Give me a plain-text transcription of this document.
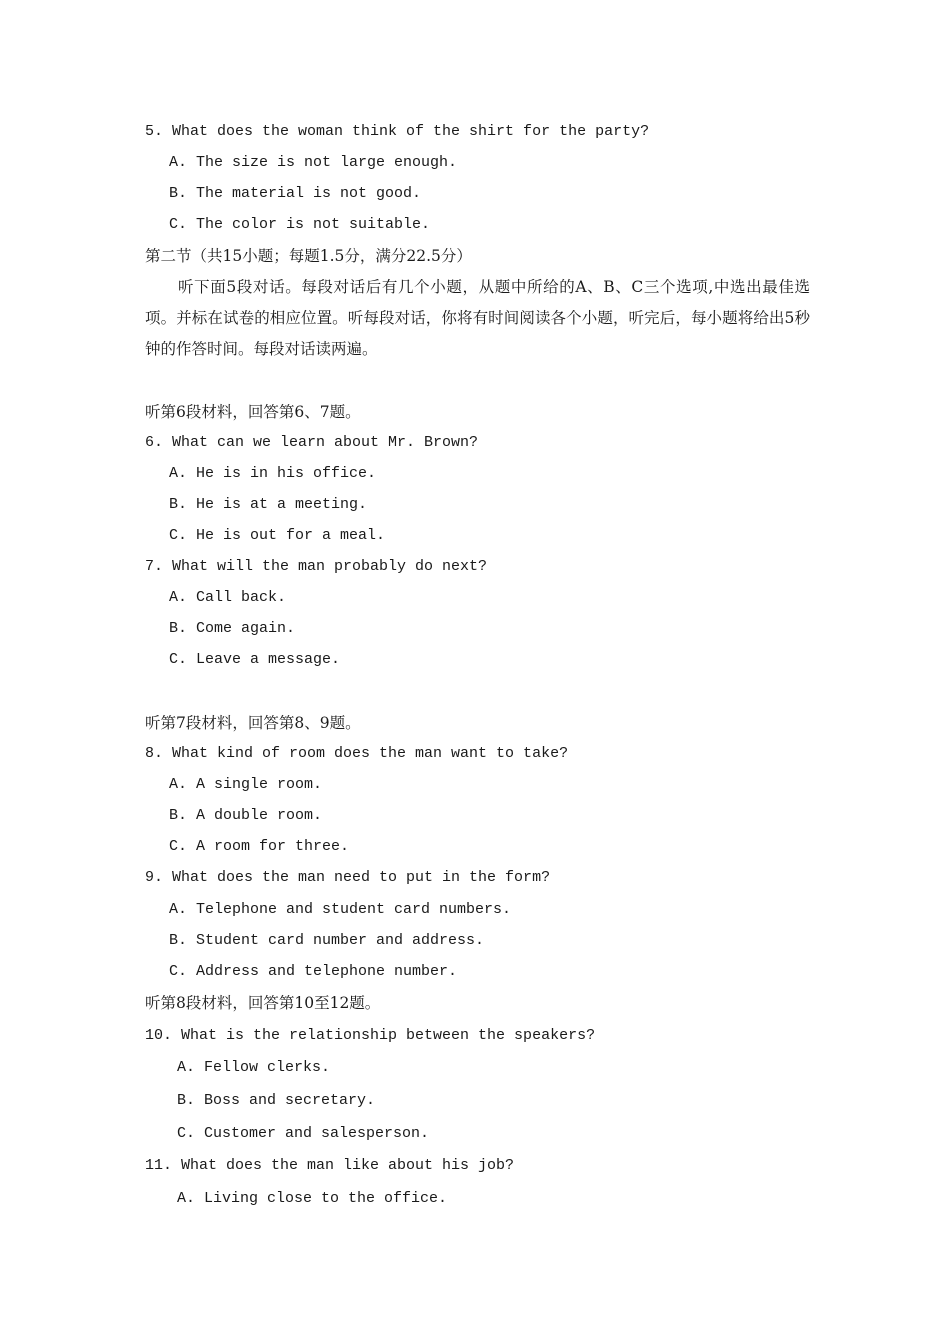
5. What does the woman think of the shirt for the party?
A. The size is not large enough.
B. The material is not good.
C. The color is not suitable.
第二节（共15小题；每题1.5分，满分22.5分）
听下面5段对话。每段对话后有几个小题，从题中所给的A、B、C三个选项,中选出最佳选项。并标在试卷的相应位置。听每段对话，你将有时间阅读各个小题，听完后，每小题将给出5秒钟的作答时间。每段对话读两遍。
听第6段材料，回答第6、7题。
6. What can we learn about Mr. Brown?
A. He is in his office.
B. He is at a meeting.
C. He is out for a meal.
7. What will the man probably do next?
A. Call back.
B. Come again.
C. Leave a message.
听第7段材料，回答第8、9题。
8. What kind of room does the man want to take?
A. A single room.
B. A double room.
C. A room for three.
9. What does the man need to put in the form?
A. Telephone and student card numbers.
B. Student card number and address.
C. Address and telephone number.
听第8段材料，回答第10至12题。
10. What is the relationship between the speakers?
A. Fellow clerks.
B. Boss and secretary.
C. Customer and salesperson.
11. What does the man like about his job?
A. Living close to the office.
